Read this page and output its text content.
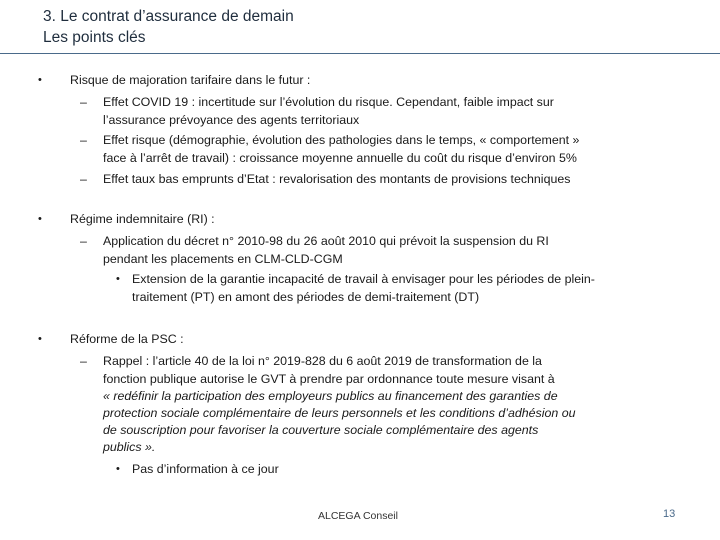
3. Le contrat d’assurance de demain
Les points clés
•	Risque de majoration tarifaire dans le futur :
–	Effet COVID 19 : incertitude sur l’évolution du risque. Cependant, faible impact sur
l’assurance prévoyance des agents territoriaux
–	Effet risque (démographie, évolution des pathologies dans le temps, « comportement »
face à l’arrêt de travail) : croissance moyenne annuelle du coût du risque d’environ 5%
–	Effet taux bas emprunts d’Etat : revalorisation des montants de provisions techniques
•	Régime indemnitaire (RI) :
–	Application du décret n° 2010-98 du 26 août 2010 qui prévoit la suspension du RI
pendant les placements en CLM-CLD-CGM
• Extension de la garantie incapacité de travail à envisager pour les périodes de plein-
traitement (PT) en amont des périodes de demi-traitement (DT)
•	Réforme de la PSC :
–	Rappel : l’article 40 de la loi n° 2019-828 du 6 août 2019 de transformation de la
fonction publique autorise le GVT à prendre par ordonnance toute mesure visant à
« redéfinir la participation des employeurs publics au financement des garanties de
protection sociale complémentaire de leurs personnels et les conditions d’adhésion ou
de souscription pour favoriser la couverture sociale complémentaire des agents
publics ».
• Pas d’information à ce jour
ALCEGA Conseil	13
